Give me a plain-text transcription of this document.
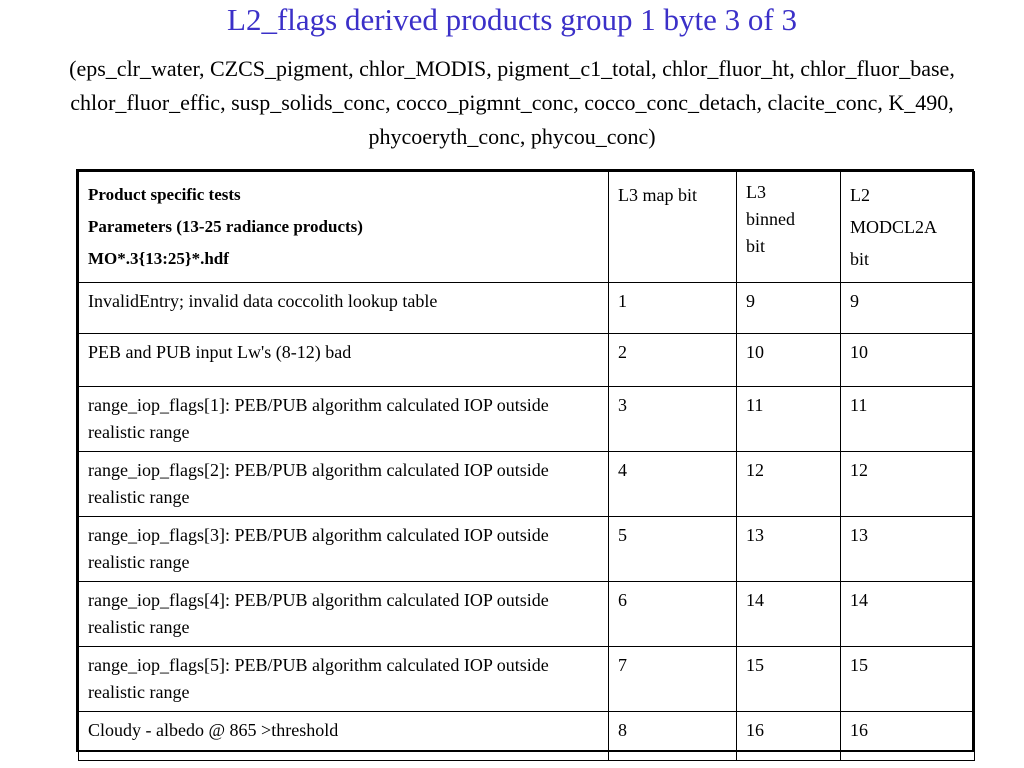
L2_flags derived products group 1 byte 3 of 3
(eps_clr_water, CZCS_pigment, chlor_MODIS, pigment_c1_total, chlor_fluor_ht, chlor_fluor_base, chlor_fluor_effic, susp_solids_conc, cocco_pigmnt_conc, cocco_conc_detach, clacite_conc, K_490, phycoeryth_conc, phycou_conc)
Product specific tests
Parameters (13-25 radiance products)
MO*.3{13:25}*.hdf	L3 map bit	L3 binned bit	L2 MODCL2A bit

InvalidEntry; invalid data coccolith lookup table	1	9	9
PEB and PUB input Lw's (8-12) bad	2	10	10
range_iop_flags[1]: PEB/PUB algorithm calculated IOP outside realistic range	3	11	11
range_iop_flags[2]: PEB/PUB algorithm calculated IOP outside realistic range	4	12	12
range_iop_flags[3]: PEB/PUB algorithm calculated IOP outside realistic range	5	13	13
range_iop_flags[4]: PEB/PUB algorithm calculated IOP outside realistic range	6	14	14
range_iop_flags[5]: PEB/PUB algorithm calculated IOP outside realistic range	7	15	15
Cloudy - albedo @ 865 >threshold	8	16	16
